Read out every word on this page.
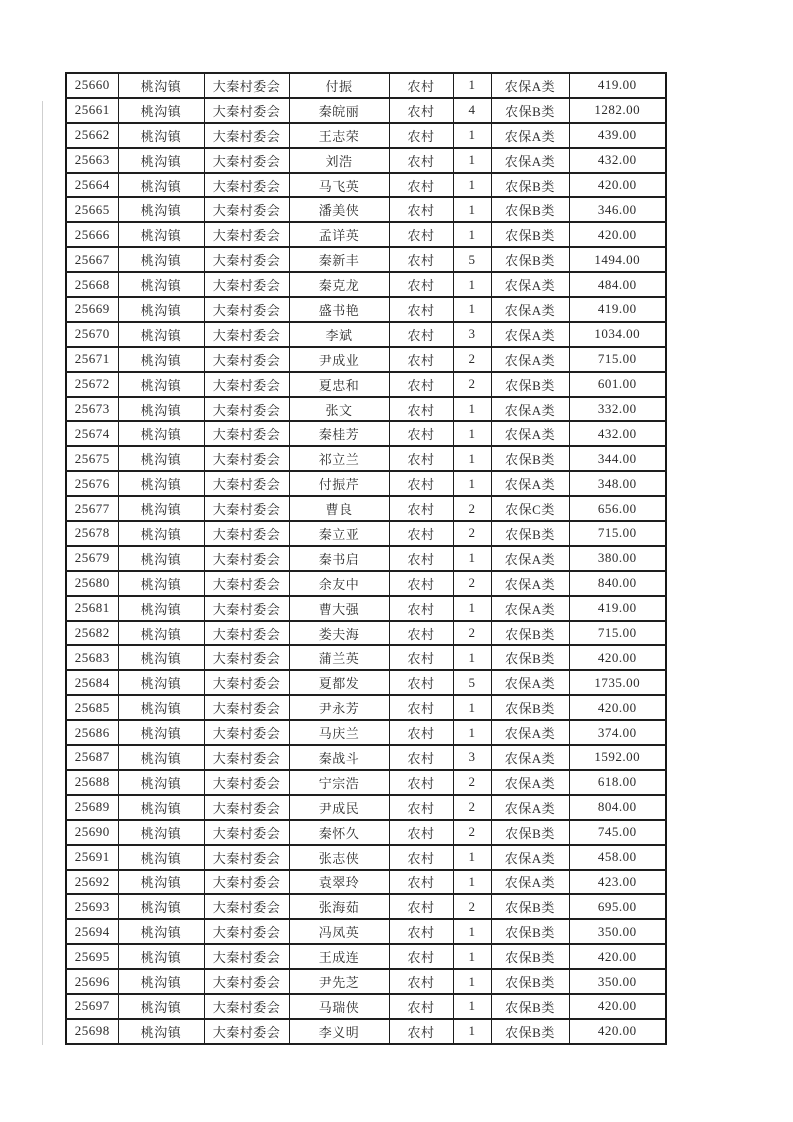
25660	桃沟镇	大秦村委会	付振	农村	1	农保A类	419.00
25661	桃沟镇	大秦村委会	秦皖丽	农村	4	农保B类	1282.00
25662	桃沟镇	大秦村委会	王志荣	农村	1	农保A类	439.00
25663	桃沟镇	大秦村委会	刘浩	农村	1	农保A类	432.00
25664	桃沟镇	大秦村委会	马飞英	农村	1	农保B类	420.00
25665	桃沟镇	大秦村委会	潘美侠	农村	1	农保B类	346.00
25666	桃沟镇	大秦村委会	孟详英	农村	1	农保B类	420.00
25667	桃沟镇	大秦村委会	秦新丰	农村	5	农保B类	1494.00
25668	桃沟镇	大秦村委会	秦克龙	农村	1	农保A类	484.00
25669	桃沟镇	大秦村委会	盛书艳	农村	1	农保A类	419.00
25670	桃沟镇	大秦村委会	李斌	农村	3	农保A类	1034.00
25671	桃沟镇	大秦村委会	尹成业	农村	2	农保A类	715.00
25672	桃沟镇	大秦村委会	夏忠和	农村	2	农保B类	601.00
25673	桃沟镇	大秦村委会	张文	农村	1	农保A类	332.00
25674	桃沟镇	大秦村委会	秦桂芳	农村	1	农保A类	432.00
25675	桃沟镇	大秦村委会	祁立兰	农村	1	农保B类	344.00
25676	桃沟镇	大秦村委会	付振芹	农村	1	农保A类	348.00
25677	桃沟镇	大秦村委会	曹良	农村	2	农保C类	656.00
25678	桃沟镇	大秦村委会	秦立亚	农村	2	农保B类	715.00
25679	桃沟镇	大秦村委会	秦书启	农村	1	农保A类	380.00
25680	桃沟镇	大秦村委会	余友中	农村	2	农保A类	840.00
25681	桃沟镇	大秦村委会	曹大强	农村	1	农保A类	419.00
25682	桃沟镇	大秦村委会	娄夫海	农村	2	农保B类	715.00
25683	桃沟镇	大秦村委会	蒲兰英	农村	1	农保B类	420.00
25684	桃沟镇	大秦村委会	夏都发	农村	5	农保A类	1735.00
25685	桃沟镇	大秦村委会	尹永芳	农村	1	农保B类	420.00
25686	桃沟镇	大秦村委会	马庆兰	农村	1	农保A类	374.00
25687	桃沟镇	大秦村委会	秦战斗	农村	3	农保A类	1592.00
25688	桃沟镇	大秦村委会	宁宗浩	农村	2	农保A类	618.00
25689	桃沟镇	大秦村委会	尹成民	农村	2	农保A类	804.00
25690	桃沟镇	大秦村委会	秦怀久	农村	2	农保B类	745.00
25691	桃沟镇	大秦村委会	张志侠	农村	1	农保A类	458.00
25692	桃沟镇	大秦村委会	袁翠玲	农村	1	农保A类	423.00
25693	桃沟镇	大秦村委会	张海茹	农村	2	农保B类	695.00
25694	桃沟镇	大秦村委会	冯凤英	农村	1	农保B类	350.00
25695	桃沟镇	大秦村委会	王成连	农村	1	农保B类	420.00
25696	桃沟镇	大秦村委会	尹先芝	农村	1	农保B类	350.00
25697	桃沟镇	大秦村委会	马瑞侠	农村	1	农保B类	420.00
25698	桃沟镇	大秦村委会	李义明	农村	1	农保B类	420.00
